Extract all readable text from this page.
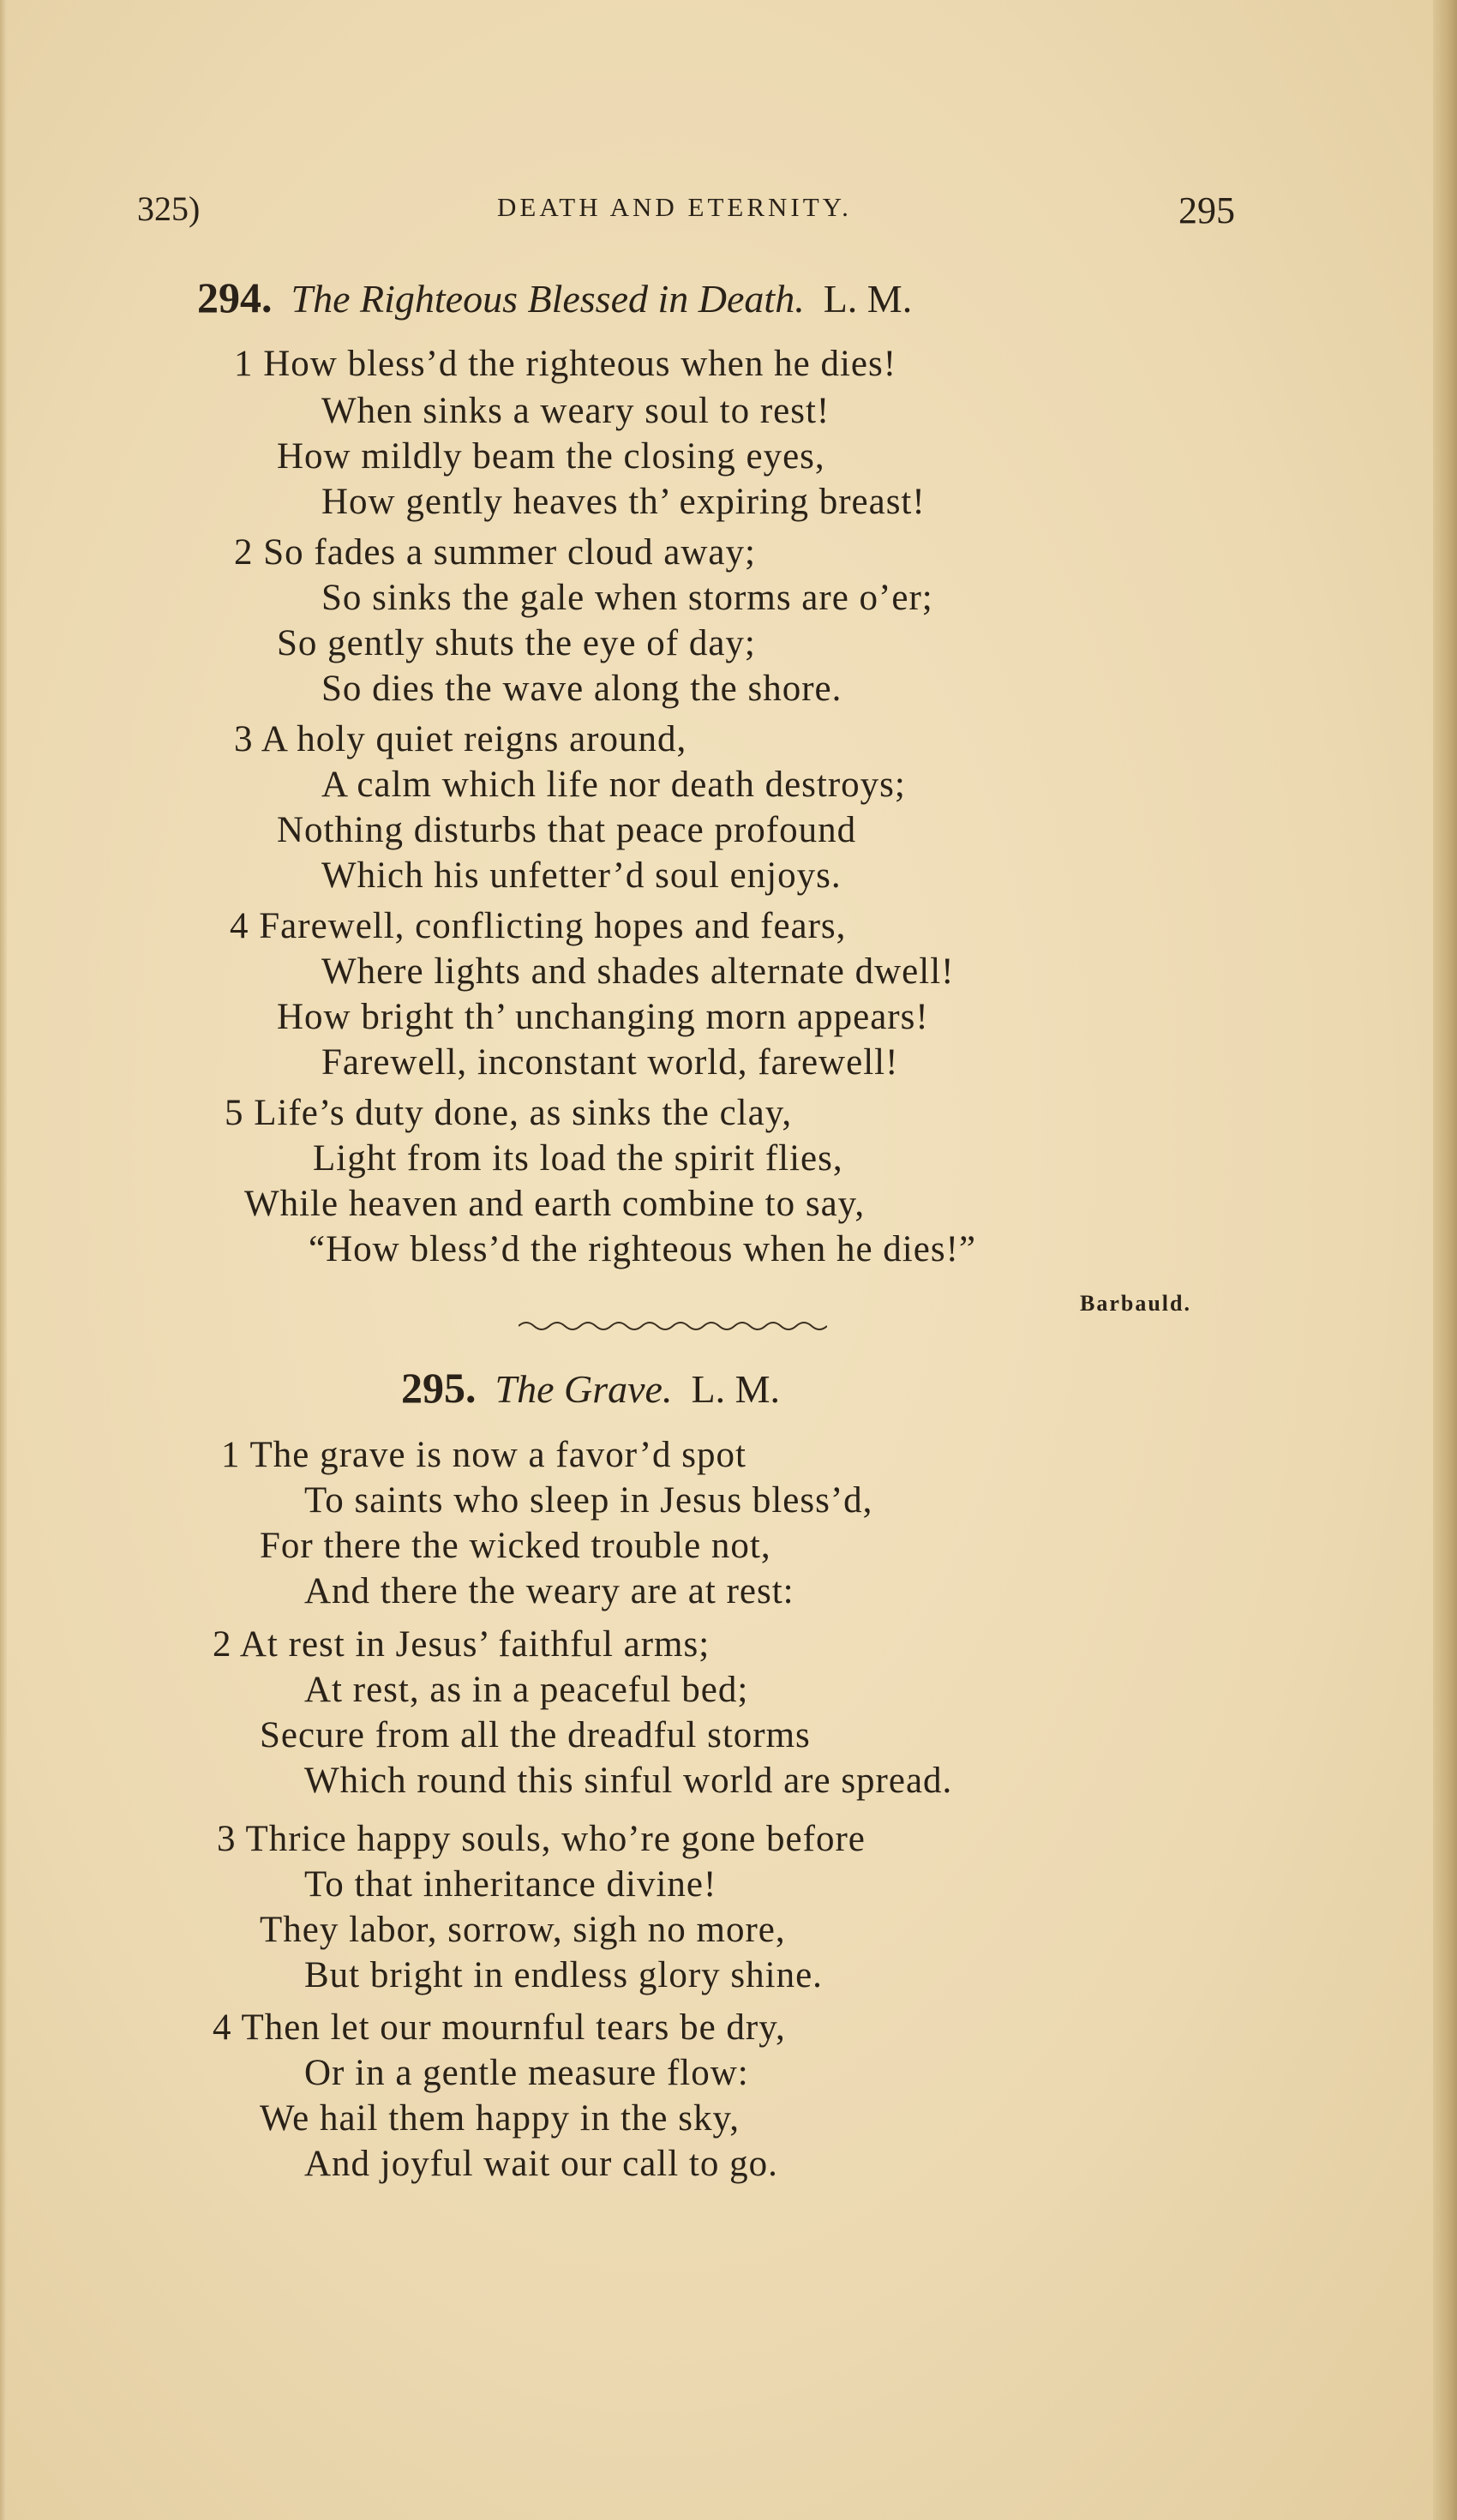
325)	DEATH AND ETERNITY.	295
294. The Righteous Blessed in Death. L. M.
1 How bless’d the righteous when he dies!
When sinks a weary soul to rest!
How mildly beam the closing eyes,
How gently heaves th’ expiring breast!
2 So fades a summer cloud away;
So sinks the gale when storms are o’er;
So gently shuts the eye of day;
So dies the wave along the shore.
3 A holy quiet reigns around,
A calm which life nor death destroys;
Nothing disturbs that peace profound
Which his unfetter’d soul enjoys.
4 Farewell, conflicting hopes and fears,
Where lights and shades alternate dwell!
How bright th’ unchanging morn appears!
Farewell, inconstant world, farewell!
5 Life’s duty done, as sinks the clay,
Light from its load the spirit flies,
While heaven and earth combine to say,
“How bless’d the righteous when he dies!”
Barbauld.
295. The Grave. L. M.
1 The grave is now a favor’d spot
To saints who sleep in Jesus bless’d,
For there the wicked trouble not,
And there the weary are at rest:
2 At rest in Jesus’ faithful arms;
At rest, as in a peaceful bed;
Secure from all the dreadful storms
Which round this sinful world are spread.
3 Thrice happy souls, who’re gone before
To that inheritance divine!
They labor, sorrow, sigh no more,
But bright in endless glory shine.
4 Then let our mournful tears be dry,
Or in a gentle measure flow:
We hail them happy in the sky,
And joyful wait our call to go.
